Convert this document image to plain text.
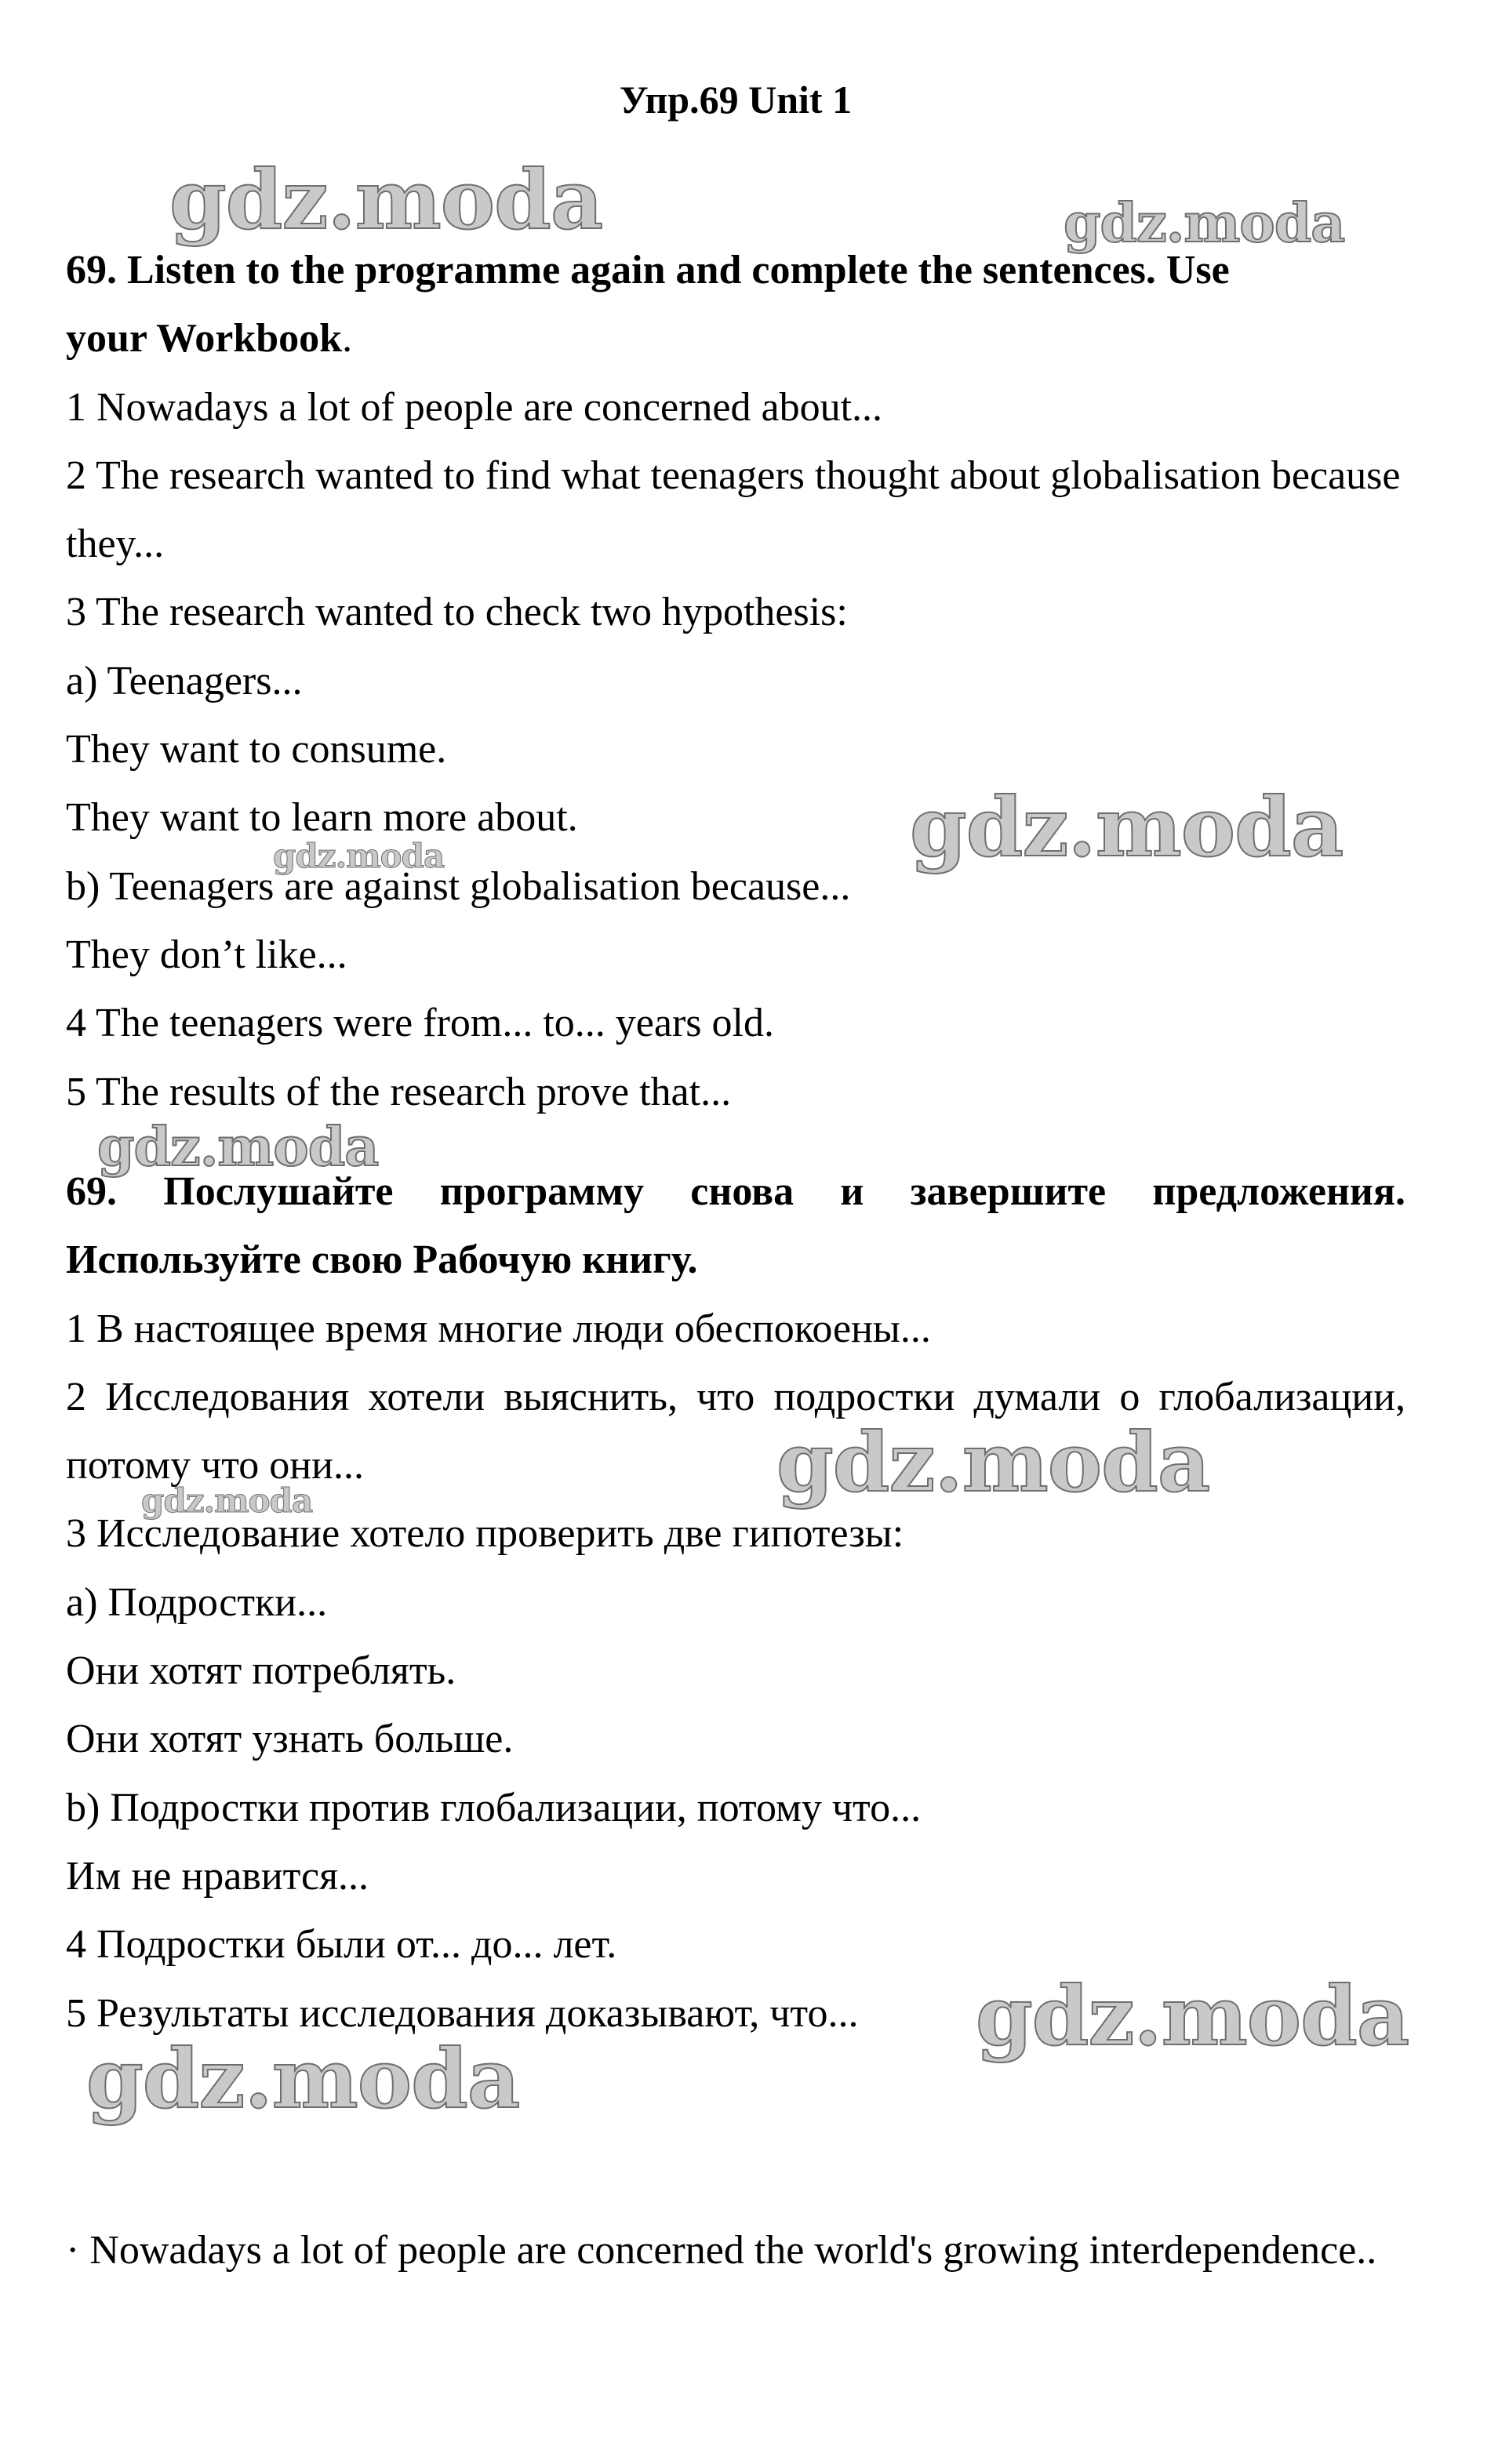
Упр.69 Unit 1

69. Listen to the programme again and complete the sentences. Use
your Workbook.

1 Nowadays a lot of people are concerned about...

2 The research wanted to find what teenagers thought about globalisation because they...

3 The research wanted to check two hypothesis:

a) Teenagers...

They want to consume.

They want to learn more about.

b) Teenagers are against globalisation because...

They don’t like...

4 The teenagers were from... to... years old.

5 The results of the research prove that...

69. Послушайте программу снова и завершите предложения. Используйте свою Рабочую книгу.

1 В настоящее время многие люди обеспокоены...

2 Исследования хотели выяснить, что подростки думали о глобализации, потому что они...

3 Исследование хотело проверить две гипотезы:

a) Подростки...

Они хотят потреблять.

Они хотят узнать больше.

b) Подростки против глобализации, потому что...

Им не нравится...

4 Подростки были от... до... лет.

5 Результаты исследования доказывают, что...

· Nowadays a lot of people are concerned the world's growing interdependence..

gdz.moda	gdz.moda
gdz.moda
gdz.moda
gdz.moda
gdz.moda
gdz.moda
gdz.moda
gdz.moda
